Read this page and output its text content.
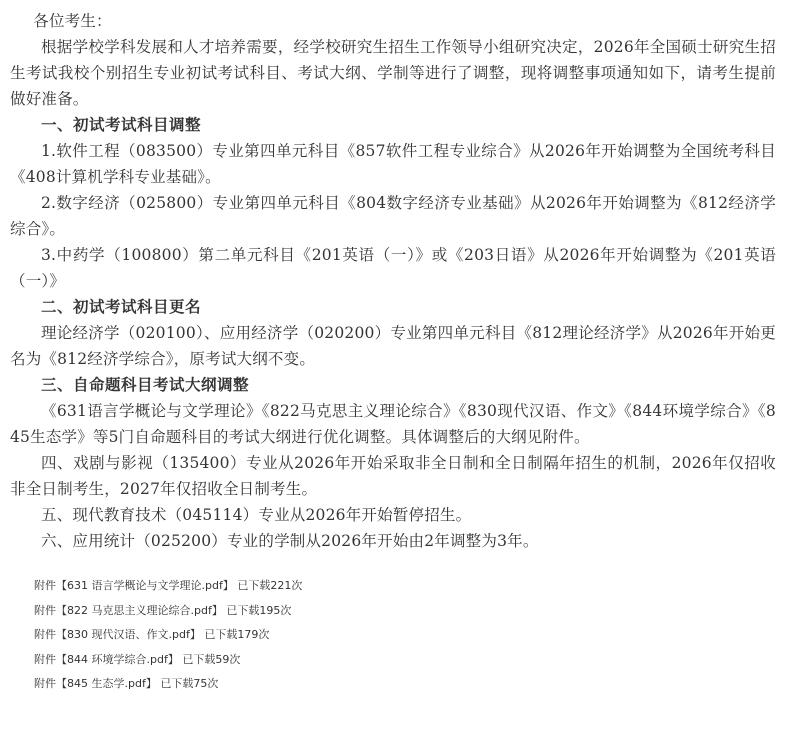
各位考生：

根据学校学科发展和人才培养需要，经学校研究生招生工作领导小组研究决定，2026年全国硕士研究生招生考试我校个别招生专业初试考试科目、考试大纲、学制等进行了调整，现将调整事项通知如下，请考生提前做好准备。

一、初试考试科目调整

1.软件工程（083500）专业第四单元科目《857软件工程专业综合》从2026年开始调整为全国统考科目《408计算机学科专业基础》。

2.数字经济（025800）专业第四单元科目《804数字经济专业基础》从2026年开始调整为《812经济学综合》。

3.中药学（100800）第二单元科目《201英语（一）》或《203日语》从2026年开始调整为《201英语（一）》

二、初试考试科目更名

理论经济学（020100）、应用经济学（020200）专业第四单元科目《812理论经济学》从2026年开始更名为《812经济学综合》，原考试大纲不变。

三、自命题科目考试大纲调整

《631语言学概论与文学理论》《822马克思主义理论综合》《830现代汉语、作文》《844环境学综合》《845生态学》等5门自命题科目的考试大纲进行优化调整。具体调整后的大纲见附件。

四、戏剧与影视（135400）专业从2026年开始采取非全日制和全日制隔年招生的机制，2026年仅招收非全日制考生，2027年仅招收全日制考生。

五、现代教育技术（045114）专业从2026年开始暂停招生。

六、应用统计（025200）专业的学制从2026年开始由2年调整为3年。

附件【631 语言学概论与文学理论.pdf】 已下载221次
附件【822 马克思主义理论综合.pdf】 已下载195次
附件【830 现代汉语、作文.pdf】 已下载179次
附件【844 环境学综合.pdf】 已下载59次
附件【845 生态学.pdf】 已下载75次
